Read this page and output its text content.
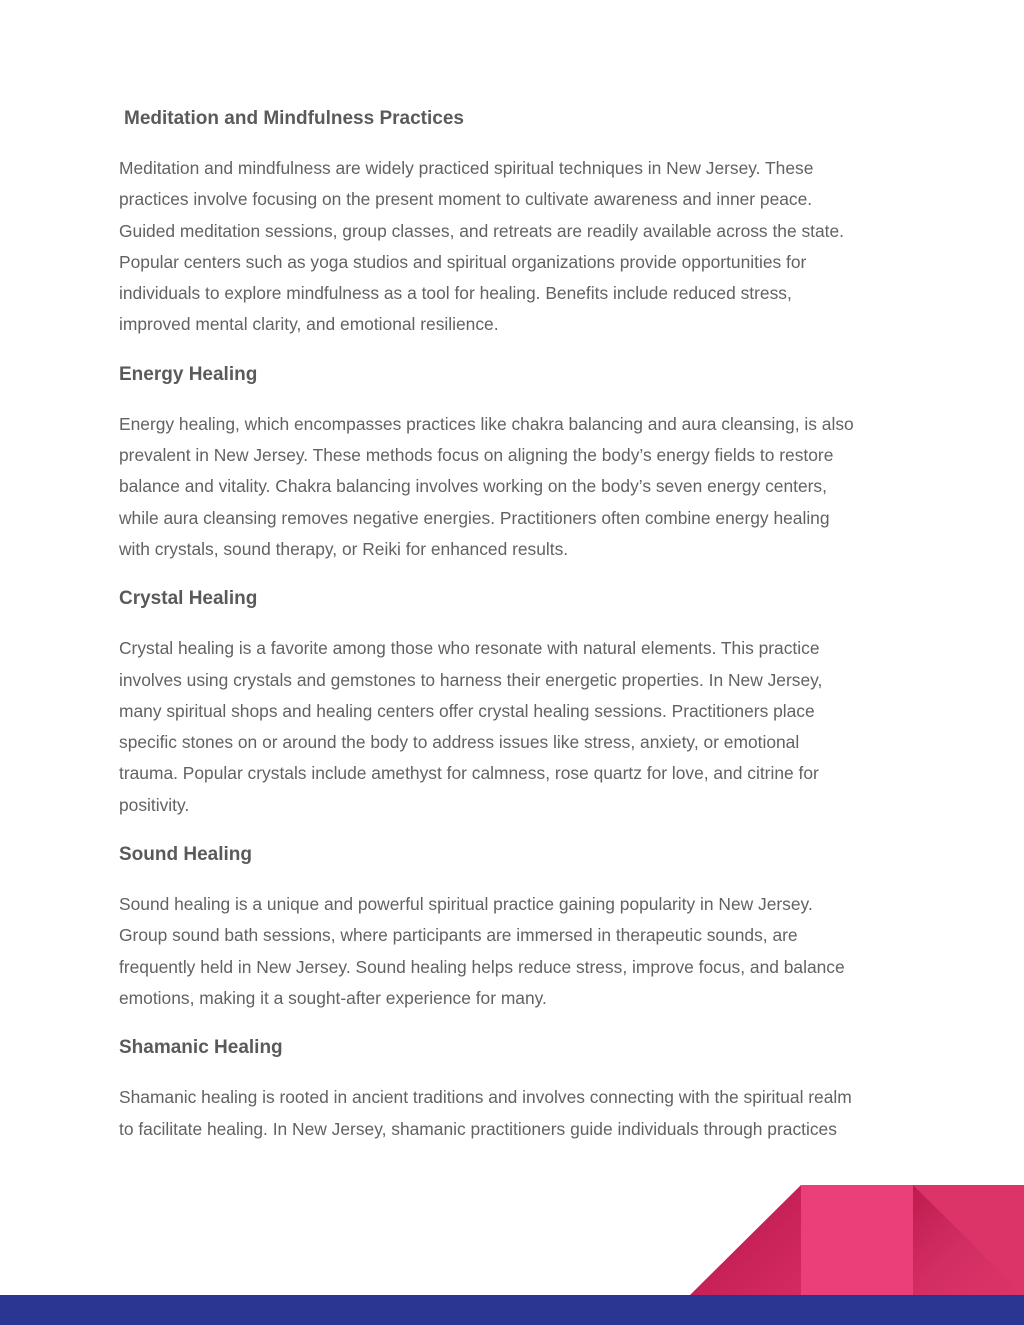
Meditation and Mindfulness Practices

Meditation and mindfulness are widely practiced spiritual techniques in New Jersey. These
practices involve focusing on the present moment to cultivate awareness and inner peace.
Guided meditation sessions, group classes, and retreats are readily available across the state.
Popular centers such as yoga studios and spiritual organizations provide opportunities for
individuals to explore mindfulness as a tool for healing. Benefits include reduced stress,
improved mental clarity, and emotional resilience.

Energy Healing

Energy healing, which encompasses practices like chakra balancing and aura cleansing, is also
prevalent in New Jersey. These methods focus on aligning the body’s energy fields to restore
balance and vitality. Chakra balancing involves working on the body’s seven energy centers,
while aura cleansing removes negative energies. Practitioners often combine energy healing
with crystals, sound therapy, or Reiki for enhanced results.

Crystal Healing

Crystal healing is a favorite among those who resonate with natural elements. This practice
involves using crystals and gemstones to harness their energetic properties. In New Jersey,
many spiritual shops and healing centers offer crystal healing sessions. Practitioners place
specific stones on or around the body to address issues like stress, anxiety, or emotional
trauma. Popular crystals include amethyst for calmness, rose quartz for love, and citrine for
positivity.

Sound Healing

Sound healing is a unique and powerful spiritual practice gaining popularity in New Jersey.
Group sound bath sessions, where participants are immersed in therapeutic sounds, are
frequently held in New Jersey. Sound healing helps reduce stress, improve focus, and balance
emotions, making it a sought-after experience for many.

Shamanic Healing

Shamanic healing is rooted in ancient traditions and involves connecting with the spiritual realm
to facilitate healing. In New Jersey, shamanic practitioners guide individuals through practices
